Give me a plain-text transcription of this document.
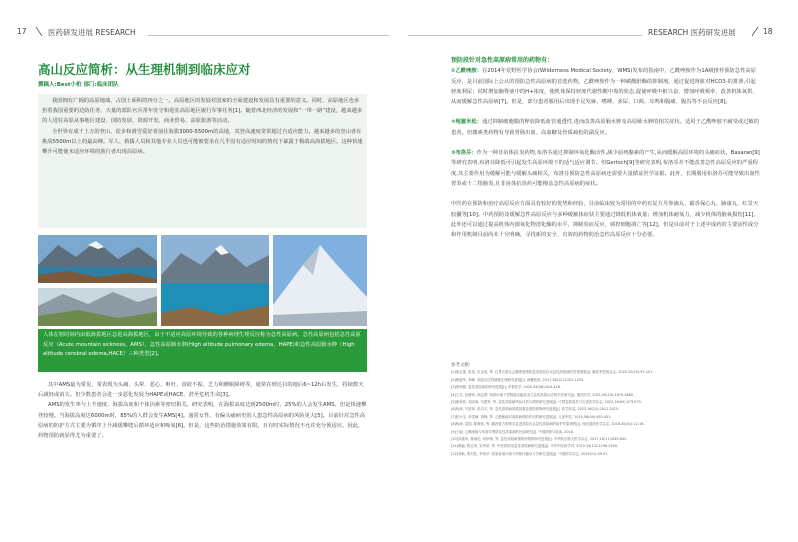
17	医药研发进展 RESEARCH	RESEARCH 医药研发进展	18
高山反应简析：从生理机制到临床应对
撰稿人:Best小柏 部门:临床团队

我国拥有广阔的高原地域，占国土面积的四分之一。高原地区的发展对国家的全面建设和发展具有重要的意义。同时，高原地区也承担着我国重要的边防任务，大量的部队官兵常年驻守和进驻高原地区履行军事任务[1]。随着西北经济的发展和“一带一路”建设，越来越多的人进驻高原从事地区建设、国防发展、资源开发、商业贸易、高原旅游等活动。

全世界有成千上万的登山、徒步和滑雪爱好者前往海拔3000-5500m的高地，其登高速度常常超过自适应能力。越来越多的登山者在挑战5500m以上的最高峰。军人、救援人员和其他专业人员也可能被要求在几乎没有适应时间的情况下暴露于极端高海拔地区。这种快速攀升可能使未适应环境的旅行者出现高原病。

人体在短时间内由低海拔地区急进高海拔地区，由于不适应高原环境导致的各种病理生理反应称为急性高原病。急性高原病包括急性高原反应（Acute mountain sickness，AMS）、急性高原肺水肿(High altitude pulmonary edema，HAPE)和急性高原脑水肿（High altitude cerebral edema,HACE）三种类型[2]。

其中AMS最为常见，常表现为头痛、头晕、恶心、呕吐、食欲不振、乏力和睡眠障碍等。通常在到达目的地后6~12h后发生，持续数天后减轻或消失。但少数患者会进一步恶化发展为HAPE或HACE，甚至危机生命[3]。

AMS的发生率与上升速度、海拔高度和个体因素等密切相关。研究表明，在海拔高度达到2500m时，25%的人会发生AMS，但是快速攀登较慢。当海拔高度达6000m时，85%的人群会发生AMS[4]。通常女性、有偏头痛病史的人患急性高原病的风险更大[5]。目前针对急性高原病的防护方式主要为循序上升减缓攀爬后循环适应和吸氧[6]。但是，这些防治措施效果有限。且有时实际情况不允许充分预适应。因此，药物预防就显得尤为重要了。

预防段针对急性高原病常用的药物有：

①乙酰唑胺：在2014年荒野医学协会(Wilderness Medical Society，WMS)发布的指南中，乙酰唑胺作为1A级推荐预防急性高原反应，是目前国际上公认的预防急性高原病的首选药物。乙酰唑胺作为一种碳酸酐酶的抑制剂，通过促进肾脏对HCO3-的排泄,引起轻度利尿；同时增加脑脊液中的H+浓度，使机体保持轻度代谢性酸中毒的状态,促使呼吸中枢兴奋，增加呼吸频率，改善机体氧供，从而缓解急性高原病[7]。但是，部分患者服用后出现手足发麻、嗜睡、多尿、口渴、耳鸣和腹痛、腹泻等不良反应[8]。

②地塞米松：通过抑制细胞膜的释放降低血管通透性,进而改善高原脑水肿及高原肺水肿的相关症状。适用于乙酰唑胺不耐受或过敏的患者。但激素类药物有导致胃肠出血、高血糖及骨质疏松的副反应。

③布洛芬：作为一种非甾体抗炎药物,布洛芬通过抑制环氧化酶活性,减少前列腺素的产生,从而缓解高原环境的头痛症状。Basaran[9]等研究表明,布洛芬降低可引起发生高原环境下的适气适应调节。但Gertsch[9]等研究表明,布洛芬并不能改善急性高原反应的严重程度,其主要作用为缓解可能与缓解头痛相关，布洛芬预防急性高原病还需要大量循证医学证据。此外，长期服用布洛芬可能导致出血性胃炎或十二指肠炎,且非甾体抗炎药可能掩盖急性高原病的症状。

中医药在预防和治疗高原反应方面具有较好的优势和经验，目前临床较为常用的中药有复方丹参滴丸、霸香保心丸、脑康丸、红景天胶囊等[10]。中药预防及缓解急性高原反应与多种缓解体症状主要通过降低机体氧量；增加机体耐氧力，减少机体的脑氧损伤[11]，此外还可以通过提高机体内源氧化物清化酶的水平，抑制炎症反应，调控细胞凋亡等[12]。但是目前对于上述中成药的主要活性成分和作用机制目前尚未十分明确，寻找新的安全、有效的药物防治急性高原反应十分必要。

参考文献:
[1]黄志强, 张伟, 杜金成, 等. 红景天联合乙酰唑胺预防急进高原官兵急性高原病的效果观察[J]. 解放军医药杂志, 2020,32(10):97-101.
[2]黄振华, 李峰. 高原反应的病理生理研究进展[J]. 西藏医药, 2017,38(12):1202-1205.
[3]蔡雨薇. 急性高原病的研究进展[J]. 军事医学, 2020,44(06):424-428.
[4]王芳, 赵晓伟, 杨志勇. 高原环境下胃肠道功能改变与急性高原反应相关性研究[J]. 重庆医学, 2021,50(10):1675-1680.
[5]黄欣欣, 刘洪涛, 马建军, 等. 急性高原病风险评估与预防研究进展[J]. 中国急救复苏与灾害医学杂志, 2022,16(05):573-575.
[6]杨涛, 马晋萍, 张自平, 等. 急性高原病易感因素及预防药物研究进展[J]. 医学综述, 2023,16(12):2011-2015.
[7]张小宝, 李雪峰, 刘锋, 等. 乙酰唑胺对高原病预防作用的研究进展[J]. 人民军医, 2015,58(04):450-451.
[8]杨涛, 袁国, 陈海伟, 等. 藏药复方制剂对急进高原官兵急性高原病的防护效果观察[J]. 西北国防医学杂志, 2016,40(01):12-16.
[9]王毅. 乙酰唑胺与布洛芬预防急性高原病的比较研究[J]. 中国药物与临床, 2018.
[10]刘惠萍, 蒋海伦, 刘伊梅, 等. 急性高原病预防药物的研究进展[J]. 中华航空航天医学杂志, 2017,16(11):839-842.
[11]黄毅, 陈玉荣, 宋秀荣, 等. 中医药防治急性高原病研究进展[J]. 中华中医药学刊, 2015,33(12):2296-2299.
[12]刘新, 胡夫旺, 李美华. 高原低氧环境下药物代谢动力学研究进展[J]. 中国药学杂志, 2019(12):55-57.
